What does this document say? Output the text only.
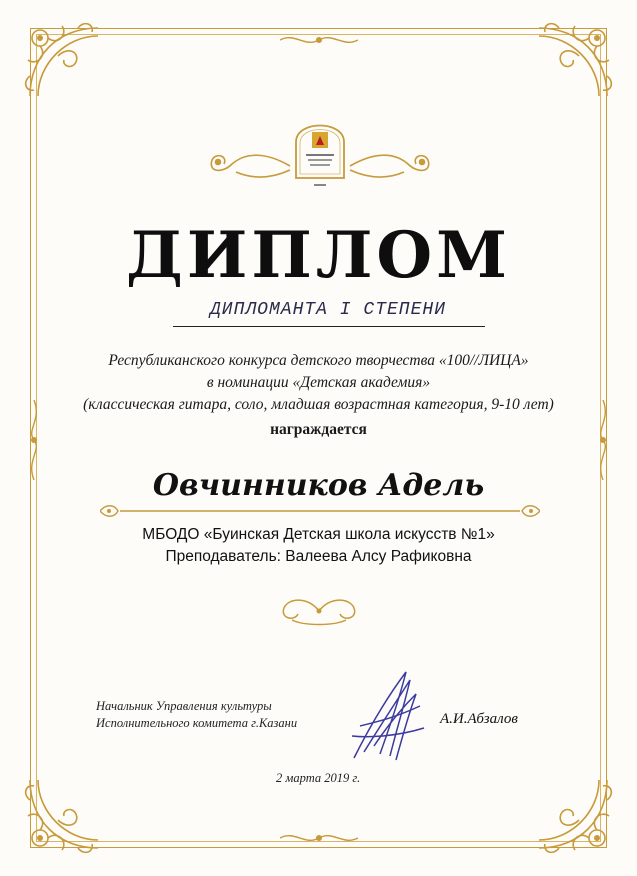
ДИПЛОМ
ДИПЛОМАНТА I СТЕПЕНИ
Республиканского конкурса детского творчества «100//ЛИЦА»
в номинации «Детская академия»
(классическая гитара, соло, младшая возрастная категория, 9-10 лет)
награждается
Овчинников Адель
МБОДО «Буинская Детская школа искусств №1»
Преподаватель: Валеева Алсу Рафиковна
Начальник Управления культуры
Исполнительного комитета г.Казани	А.И.Абзалов
2 марта 2019 г.
